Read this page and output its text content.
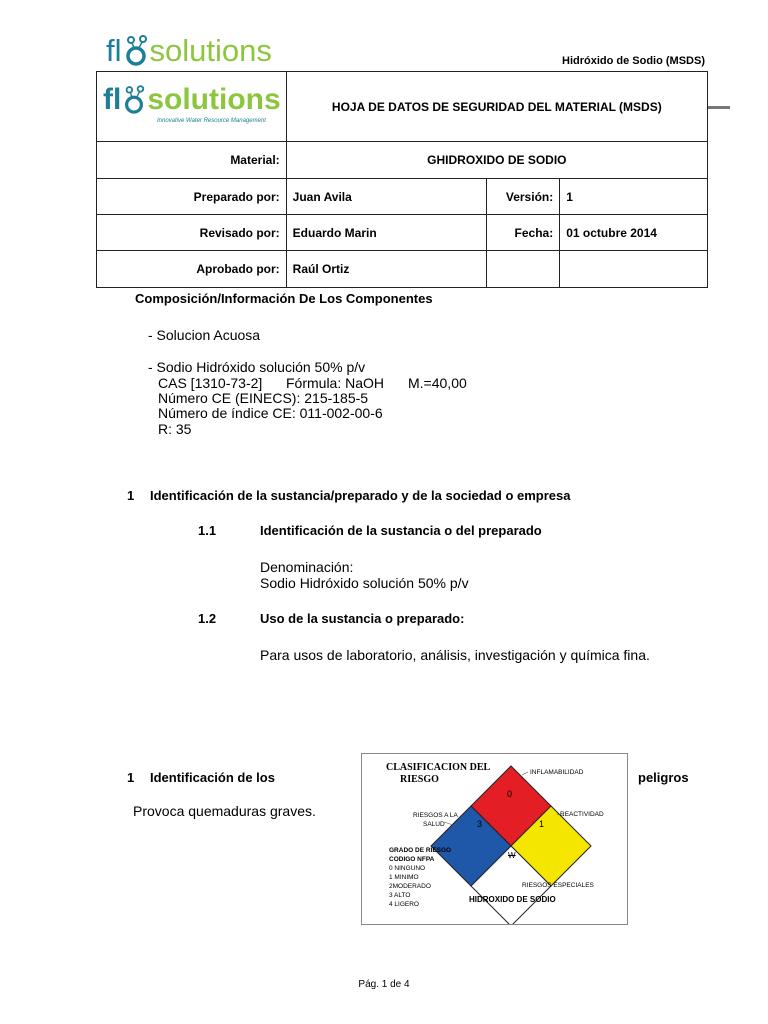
fl solutions	Hidróxido de Sodio (MSDS)
fl solutions
Innovative Water Resource Management	HOJA DE DATOS DE SEGURIDAD DEL MATERIAL (MSDS)		
Material:	GHIDROXIDO DE SODIO		
Preparado por:	Juan Avila	Versión:	1
Revisado por:	Eduardo Marin	Fecha:	01 octubre 2014
Aprobado por:	Raúl Ortiz		
Composición/Información De Los Componentes
- Solucion Acuosa
- Sodio Hidróxido solución 50% p/v
CAS [1310-73-2] Fórmula: NaOH M.=40,00
Número CE (EINECS): 215-185-5
Número de índice CE: 011-002-00-6
R: 35
1 Identificación de la sustancia/preparado y de la sociedad o empresa
1.1	Identificación de la sustancia o del preparado
Denominación:
Sodio Hidróxido solución 50% p/v
1.2	Uso de la sustancia o preparado:
Para usos de laboratorio, análisis, investigación y química fina.
1 Identificación de los	peligros
Provoca quemaduras graves.
CLASIFICACION DEL
RIESGO
0
3	1
W
INFLAMABILIDAD
REACTIVIDAD
RIESGOS A LA
SALUD
RIESGOS ESPECIALES
GRADO DE RIESGO
CODIGO NFPA
0 NINGUNO
1 MINIMO
2MODERADO
3 ALTO
4 LIGERO
HIDROXIDO DE SODIO
Pág. 1 de 4
